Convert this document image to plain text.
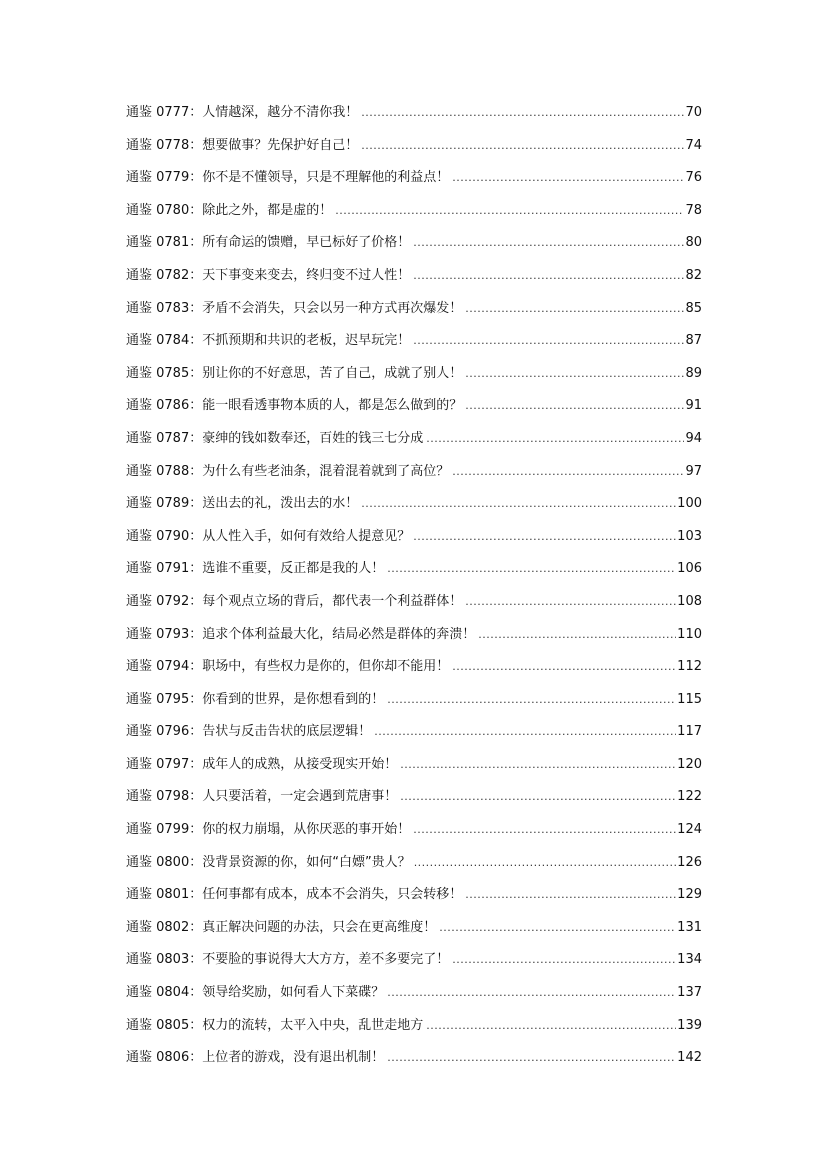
通鉴 0777：人情越深，越分不清你我！ .....	70
通鉴 0778：想要做事？先保护好自己！ .....	74
通鉴 0779：你不是不懂领导，只是不理解他的利益点！ .....	76
通鉴 0780：除此之外，都是虚的！ .....	78
通鉴 0781：所有命运的馈赠，早已标好了价格！ .....	80
通鉴 0782：天下事变来变去，终归变不过人性！ .....	82
通鉴 0783：矛盾不会消失，只会以另一种方式再次爆发！ .....	85
通鉴 0784：不抓预期和共识的老板，迟早玩完！ .....	87
通鉴 0785：别让你的不好意思，苦了自己，成就了别人！ .....	89
通鉴 0786：能一眼看透事物本质的人，都是怎么做到的？ .....	91
通鉴 0787：豪绅的钱如数奉还，百姓的钱三七分成 .....	94
通鉴 0788：为什么有些老油条，混着混着就到了高位？ .....	97
通鉴 0789：送出去的礼，泼出去的水！ .....	100
通鉴 0790：从人性入手，如何有效给人提意见？ .....	103
通鉴 0791：选谁不重要，反正都是我的人！ .....	106
通鉴 0792：每个观点立场的背后，都代表一个利益群体！ .....	108
通鉴 0793：追求个体利益最大化，结局必然是群体的奔溃！ .....	110
通鉴 0794：职场中，有些权力是你的，但你却不能用！ .....	112
通鉴 0795：你看到的世界，是你想看到的！ .....	115
通鉴 0796：告状与反击告状的底层逻辑！ .....	117
通鉴 0797：成年人的成熟，从接受现实开始！ .....	120
通鉴 0798：人只要活着，一定会遇到荒唐事！ .....	122
通鉴 0799：你的权力崩塌，从你厌恶的事开始！ .....	124
通鉴 0800：没背景资源的你，如何“白嫖”贵人？ .....	126
通鉴 0801：任何事都有成本，成本不会消失，只会转移！ .....	129
通鉴 0802：真正解决问题的办法，只会在更高维度！ .....	131
通鉴 0803：不要脸的事说得大大方方，差不多要完了！ .....	134
通鉴 0804：领导给奖励，如何看人下菜碟？ .....	137
通鉴 0805：权力的流转，太平入中央，乱世走地方 .....	139
通鉴 0806：上位者的游戏，没有退出机制！ .....	142
